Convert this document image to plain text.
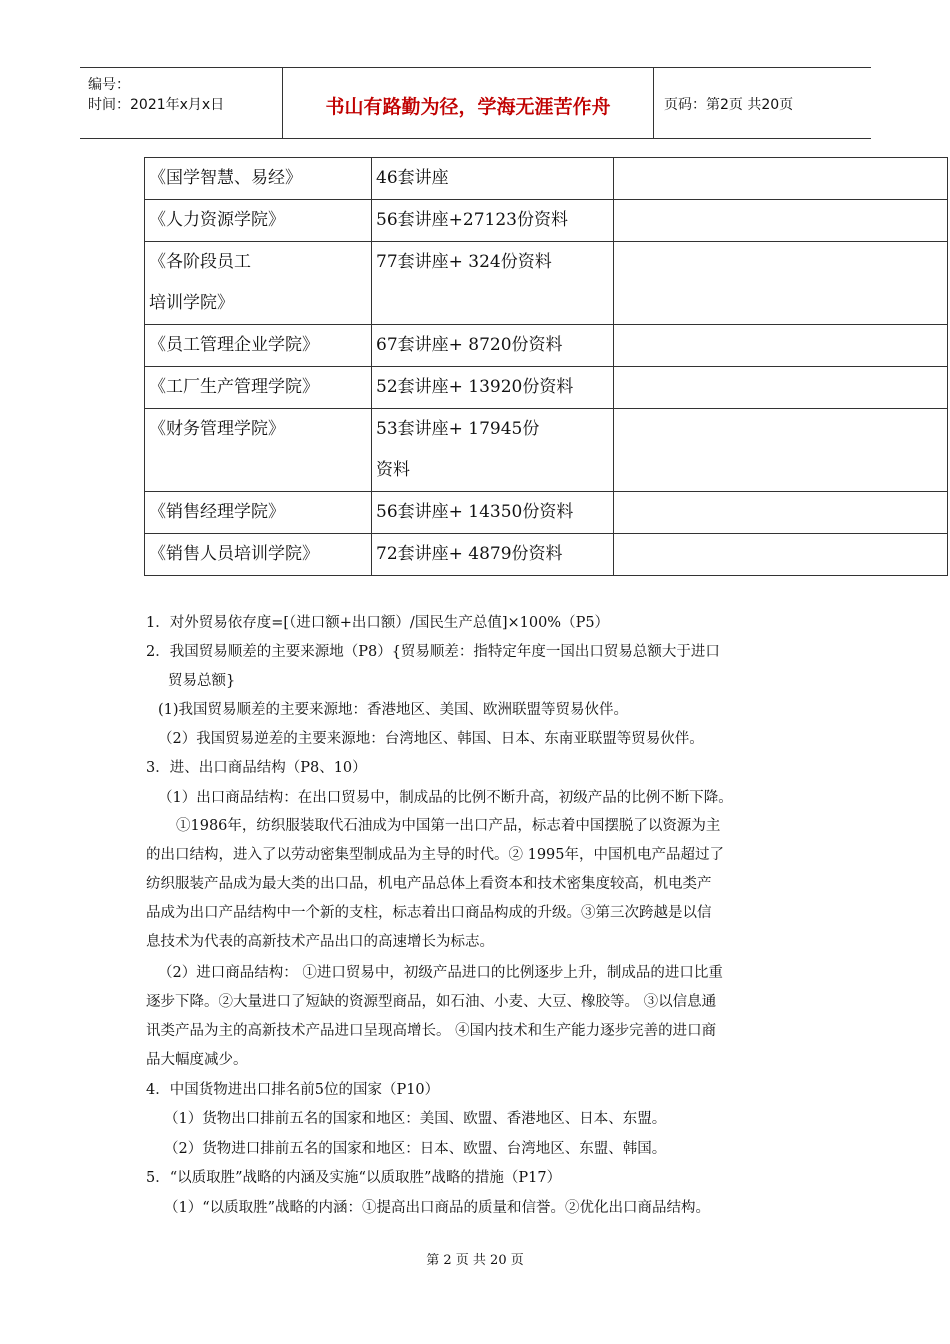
编号：
时间：2021年x月x日	书山有路勤为径，学海无涯苦作舟	页码：第2页 共20页
《国学智慧、易经》	46套讲座	
《人力资源学院》	56套讲座+27123份资料	
《各阶段员工
培训学院》	77套讲座+ 324份资料	
《员工管理企业学院》	67套讲座+ 8720份资料	
《工厂生产管理学院》	52套讲座+ 13920份资料	
《财务管理学院》	53套讲座+ 17945份
资料	
《销售经理学院》	56套讲座+ 14350份资料	
《销售人员培训学院》	72套讲座+ 4879份资料	
1．对外贸易依存度=[（进口额+出口额）/国民生产总值]×100%（P5）
2．我国贸易顺差的主要来源地（P8）{贸易顺差：指特定年度一国出口贸易总额大于进口
贸易总额}
(1)我国贸易顺差的主要来源地：香港地区、美国、欧洲联盟等贸易伙伴。
（2）我国贸易逆差的主要来源地：台湾地区、韩国、日本、东南亚联盟等贸易伙伴。
3．进、出口商品结构（P8、10）
（1）出口商品结构：在出口贸易中，制成品的比例不断升高，初级产品的比例不断下降。
①1986年，纺织服装取代石油成为中国第一出口产品，标志着中国摆脱了以资源为主
的出口结构，进入了以劳动密集型制成品为主导的时代。② 1995年，中国机电产品超过了
纺织服装产品成为最大类的出口品，机电产品总体上看资本和技术密集度较高，机电类产
品成为出口产品结构中一个新的支柱，标志着出口商品构成的升级。③第三次跨越是以信
息技术为代表的高新技术产品出口的高速增长为标志。
（2）进口商品结构： ①进口贸易中，初级产品进口的比例逐步上升，制成品的进口比重
逐步下降。②大量进口了短缺的资源型商品，如石油、小麦、大豆、橡胶等。 ③以信息通
讯类产品为主的高新技术产品进口呈现高增长。 ④国内技术和生产能力逐步完善的进口商
品大幅度减少。
4．中国货物进出口排名前5位的国家（P10）
（1）货物出口排前五名的国家和地区：美国、欧盟、香港地区、日本、东盟。
（2）货物进口排前五名的国家和地区：日本、欧盟、台湾地区、东盟、韩国。
5．“以质取胜”战略的内涵及实施“以质取胜”战略的措施（P17）
（1）“以质取胜”战略的内涵：①提高出口商品的质量和信誉。②优化出口商品结构。
第 2 页 共 20 页
